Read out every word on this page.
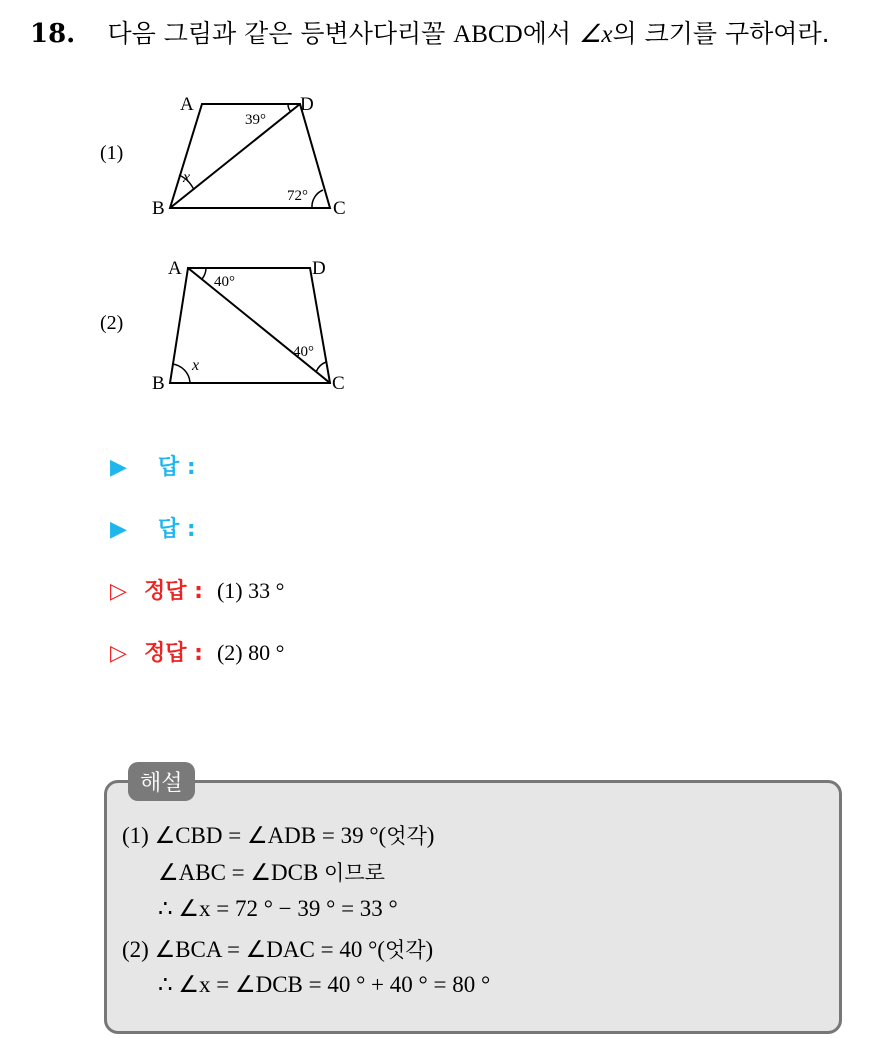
18. 다음 그림과 같은 등변사다리꼴 ABCD에서 ∠x의 크기를 구하여라.
(1)
A	D
B	C
39°
72°
x
(2)
A	D
B	C
40°
40°
x
▶ 답 :
▶ 답 :
▷ 정답 : (1) 33 °
▷ 정답 : (2) 80 °
해설
(1) ∠CBD = ∠ADB = 39 °(엇각)
∠ABC = ∠DCB 이므로
∴ ∠x = 72 ° − 39 ° = 33 °
(2) ∠BCA = ∠DAC = 40 °(엇각)
∴ ∠x = ∠DCB = 40 ° + 40 ° = 80 °
